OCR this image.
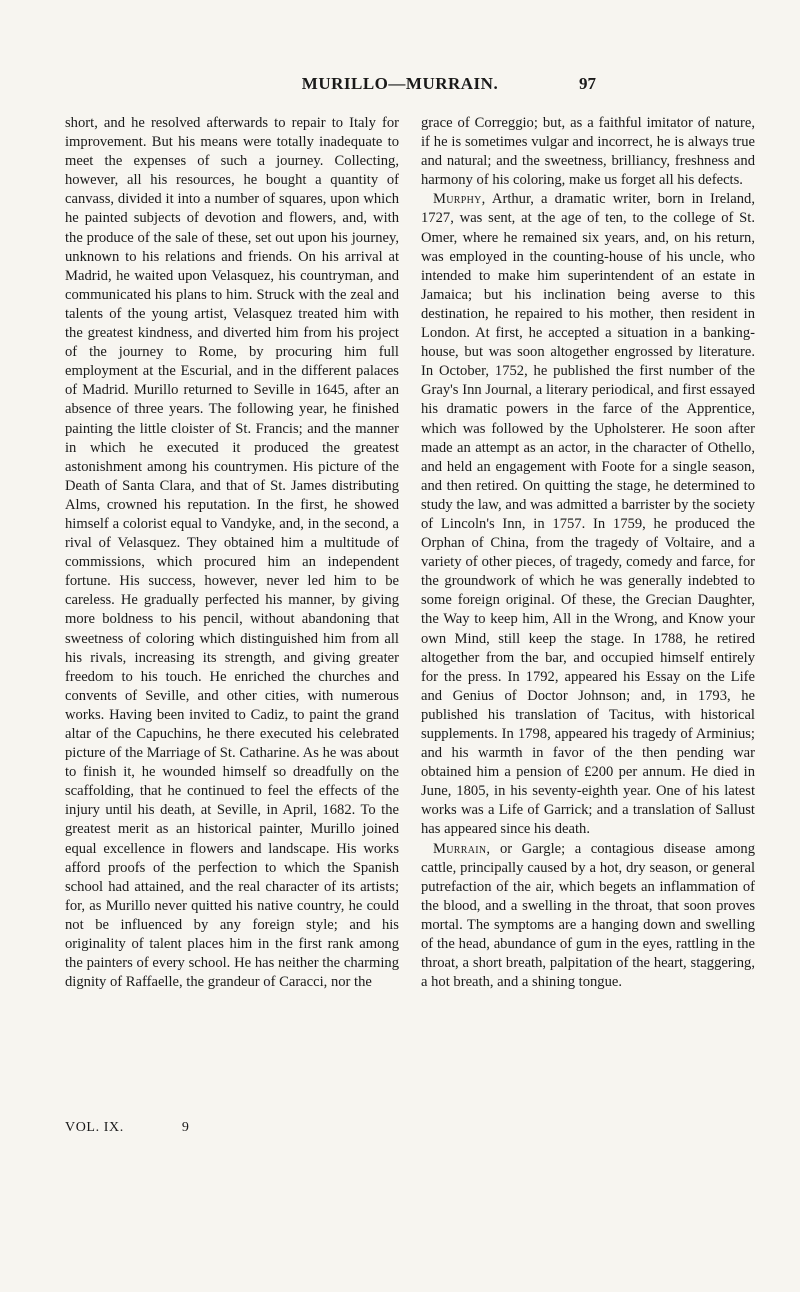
MURILLO—MURRAIN.	97

short, and he resolved afterwards to repair to Italy for improvement. But his means were totally inadequate to meet the expenses of such a journey. Collecting, however, all his resources, he bought a quantity of canvass, divided it into a number of squares, upon which he painted subjects of devotion and flowers, and, with the produce of the sale of these, set out upon his journey, unknown to his relations and friends. On his arrival at Madrid, he waited upon Velasquez, his countryman, and communicated his plans to him. Struck with the zeal and talents of the young artist, Velasquez treated him with the greatest kindness, and diverted him from his project of the journey to Rome, by procuring him full employment at the Escurial, and in the different palaces of Madrid. Murillo returned to Seville in 1645, after an absence of three years. The following year, he finished painting the little cloister of St. Francis; and the manner in which he executed it produced the greatest astonishment among his countrymen. His picture of the Death of Santa Clara, and that of St. James distributing Alms, crowned his reputation. In the first, he showed himself a colorist equal to Vandyke, and, in the second, a rival of Velasquez. They obtained him a multitude of commissions, which procured him an independent fortune. His success, however, never led him to be careless. He gradually perfected his manner, by giving more boldness to his pencil, without abandoning that sweetness of coloring which distinguished him from all his rivals, increasing its strength, and giving greater freedom to his touch. He enriched the churches and convents of Seville, and other cities, with numerous works. Having been invited to Cadiz, to paint the grand altar of the Capuchins, he there executed his celebrated picture of the Marriage of St. Catharine. As he was about to finish it, he wounded himself so dreadfully on the scaffolding, that he continued to feel the effects of the injury until his death, at Seville, in April, 1682. To the greatest merit as an historical painter, Murillo joined equal excellence in flowers and landscape. His works afford proofs of the perfection to which the Spanish school had attained, and the real character of its artists; for, as Murillo never quitted his native country, he could not be influenced by any foreign style; and his originality of talent places him in the first rank among the painters of every school. He has neither the charming dignity of Raffaelle, the grandeur of Caracci, nor the

grace of Correggio; but, as a faithful imitator of nature, if he is sometimes vulgar and incorrect, he is always true and natural; and the sweetness, brilliancy, freshness and harmony of his coloring, make us forget all his defects.

Murphy, Arthur, a dramatic writer, born in Ireland, 1727, was sent, at the age of ten, to the college of St. Omer, where he remained six years, and, on his return, was employed in the counting-house of his uncle, who intended to make him superintendent of an estate in Jamaica; but his inclination being averse to this destination, he repaired to his mother, then resident in London. At first, he accepted a situation in a banking-house, but was soon altogether engrossed by literature. In October, 1752, he published the first number of the Gray's Inn Journal, a literary periodical, and first essayed his dramatic powers in the farce of the Apprentice, which was followed by the Upholsterer. He soon after made an attempt as an actor, in the character of Othello, and held an engagement with Foote for a single season, and then retired. On quitting the stage, he determined to study the law, and was admitted a barrister by the society of Lincoln's Inn, in 1757. In 1759, he produced the Orphan of China, from the tragedy of Voltaire, and a variety of other pieces, of tragedy, comedy and farce, for the groundwork of which he was generally indebted to some foreign original. Of these, the Grecian Daughter, the Way to keep him, All in the Wrong, and Know your own Mind, still keep the stage. In 1788, he retired altogether from the bar, and occupied himself entirely for the press. In 1792, appeared his Essay on the Life and Genius of Doctor Johnson; and, in 1793, he published his translation of Tacitus, with historical supplements. In 1798, appeared his tragedy of Arminius; and his warmth in favor of the then pending war obtained him a pension of £200 per annum. He died in June, 1805, in his seventy-eighth year. One of his latest works was a Life of Garrick; and a translation of Sallust has appeared since his death.

Murrain, or Gargle; a contagious disease among cattle, principally caused by a hot, dry season, or general putrefaction of the air, which begets an inflammation of the blood, and a swelling in the throat, that soon proves mortal. The symptoms are a hanging down and swelling of the head, abundance of gum in the eyes, rattling in the throat, a short breath, palpitation of the heart, staggering, a hot breath, and a shining tongue.

VOL. IX.	9
